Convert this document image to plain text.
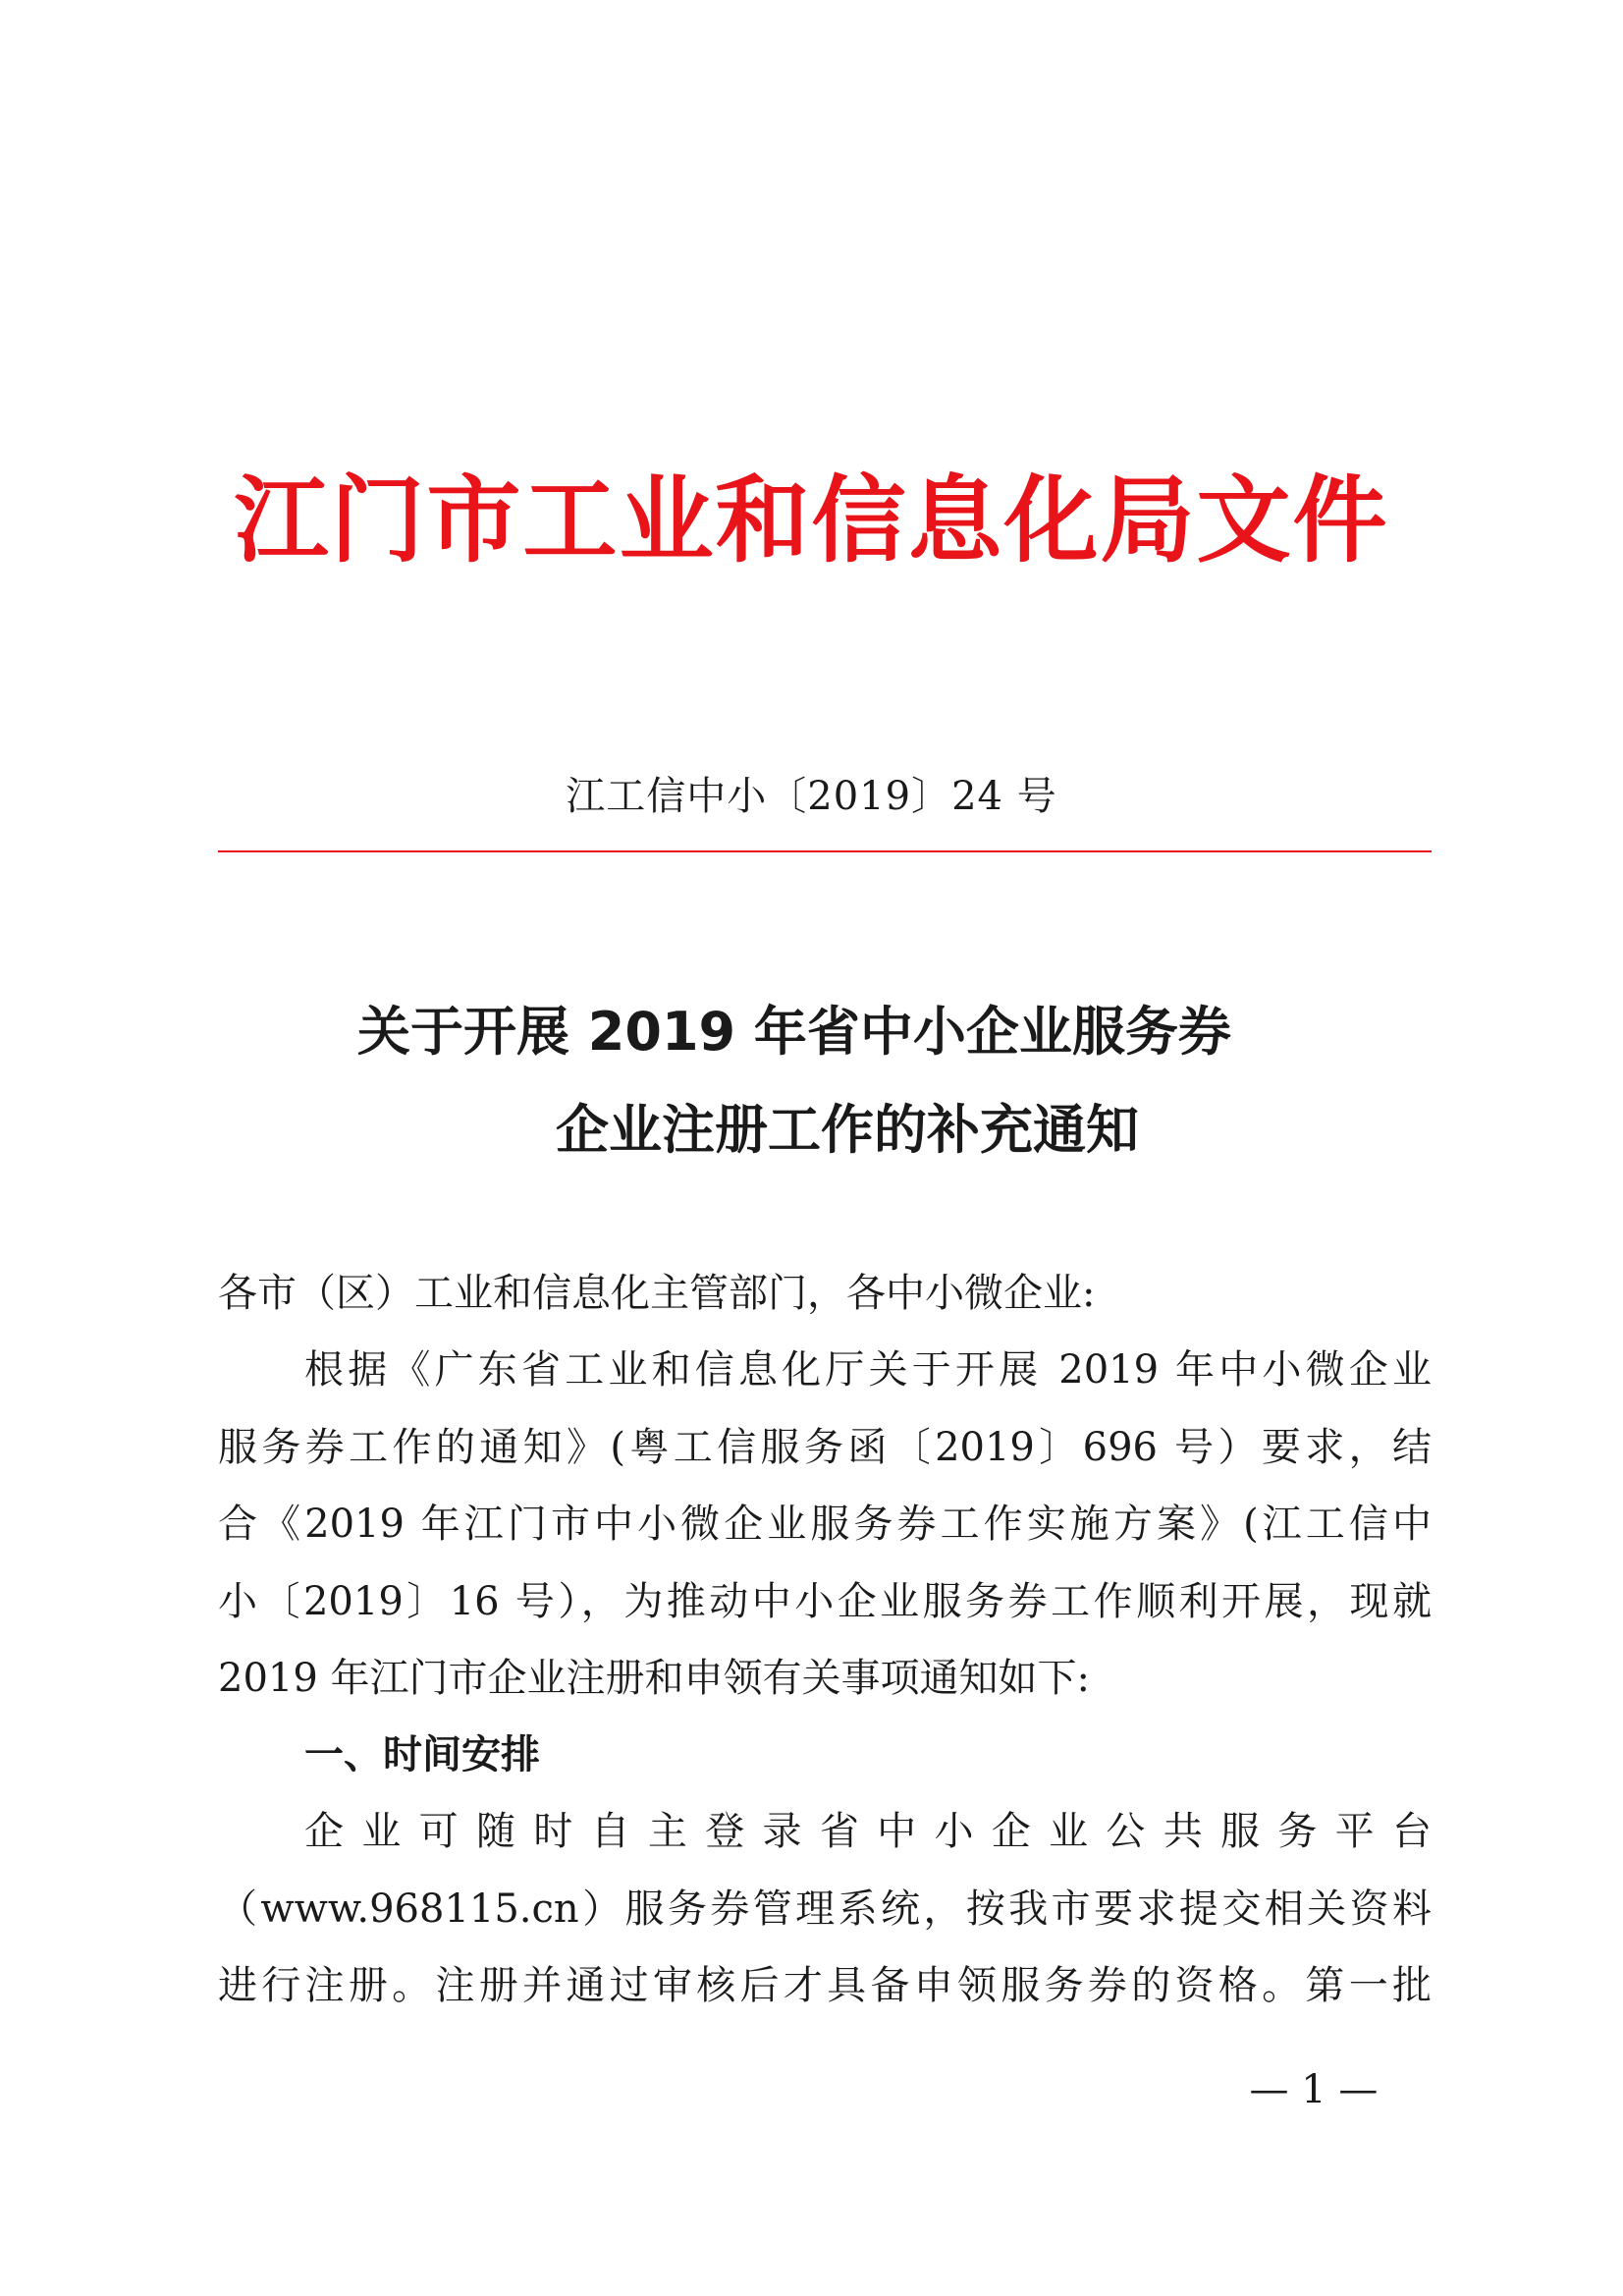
江门市工业和信息化局文件
江工信中小〔2019〕24 号
关于开展 2019 年省中小企业服务券
企业注册工作的补充通知
各市（区）工业和信息化主管部门，各中小微企业:
根据《广东省工业和信息化厅关于开展 2019 年中小微企业
服务券工作的通知》(粤工信服务函〔2019〕696 号）要求，结
合《2019 年江门市中小微企业服务券工作实施方案》(江工信中
小〔2019〕16 号），为推动中小企业服务券工作顺利开展，现就
2019 年江门市企业注册和申领有关事项通知如下:
一、时间安排
企业可随时自主登录省中小企业公共服务平台
（www.968115.cn）服务券管理系统，按我市要求提交相关资料
进行注册。注册并通过审核后才具备申领服务券的资格。第一批
— 1 —
